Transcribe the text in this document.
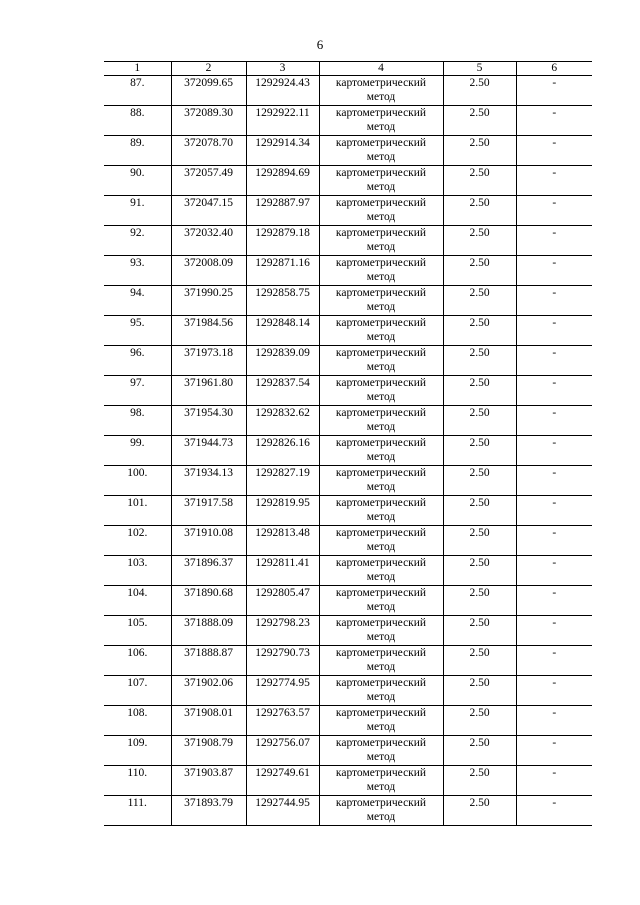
6
1	2	3	4	5	6
87.	372099.65	1292924.43	картометрический
метод	2.50	-
88.	372089.30	1292922.11	картометрический
метод	2.50	-
89.	372078.70	1292914.34	картометрический
метод	2.50	-
90.	372057.49	1292894.69	картометрический
метод	2.50	-
91.	372047.15	1292887.97	картометрический
метод	2.50	-
92.	372032.40	1292879.18	картометрический
метод	2.50	-
93.	372008.09	1292871.16	картометрический
метод	2.50	-
94.	371990.25	1292858.75	картометрический
метод	2.50	-
95.	371984.56	1292848.14	картометрический
метод	2.50	-
96.	371973.18	1292839.09	картометрический
метод	2.50	-
97.	371961.80	1292837.54	картометрический
метод	2.50	-
98.	371954.30	1292832.62	картометрический
метод	2.50	-
99.	371944.73	1292826.16	картометрический
метод	2.50	-
100.	371934.13	1292827.19	картометрический
метод	2.50	-
101.	371917.58	1292819.95	картометрический
метод	2.50	-
102.	371910.08	1292813.48	картометрический
метод	2.50	-
103.	371896.37	1292811.41	картометрический
метод	2.50	-
104.	371890.68	1292805.47	картометрический
метод	2.50	-
105.	371888.09	1292798.23	картометрический
метод	2.50	-
106.	371888.87	1292790.73	картометрический
метод	2.50	-
107.	371902.06	1292774.95	картометрический
метод	2.50	-
108.	371908.01	1292763.57	картометрический
метод	2.50	-
109.	371908.79	1292756.07	картометрический
метод	2.50	-
110.	371903.87	1292749.61	картометрический
метод	2.50	-
111.	371893.79	1292744.95	картометрический
метод	2.50	-
